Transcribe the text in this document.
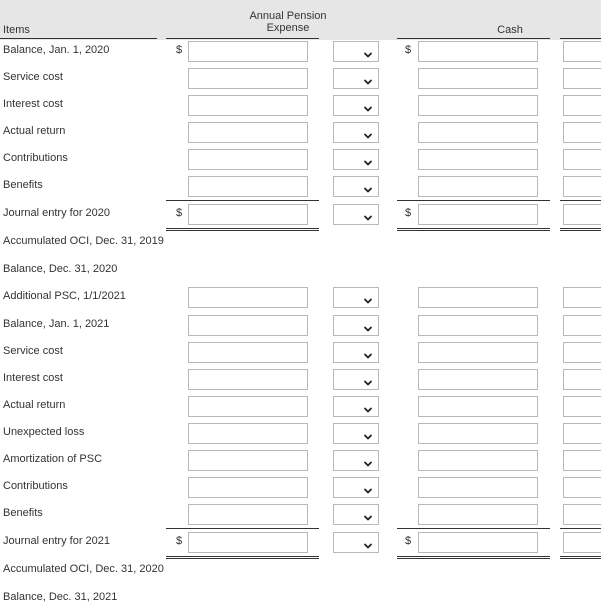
Items
Annual Pension Expense	Cash
Balance, Jan. 1, 2020	$	$
Service cost
Interest cost
Actual return
Contributions
Benefits
Journal entry for 2020	$	$
Accumulated OCI, Dec. 31, 2019
Balance, Dec. 31, 2020
Additional PSC, 1/1/2021
Balance, Jan. 1, 2021
Service cost
Interest cost
Actual return
Unexpected loss
Amortization of PSC
Contributions
Benefits
Journal entry for 2021	$	$
Accumulated OCI, Dec. 31, 2020
Balance, Dec. 31, 2021
